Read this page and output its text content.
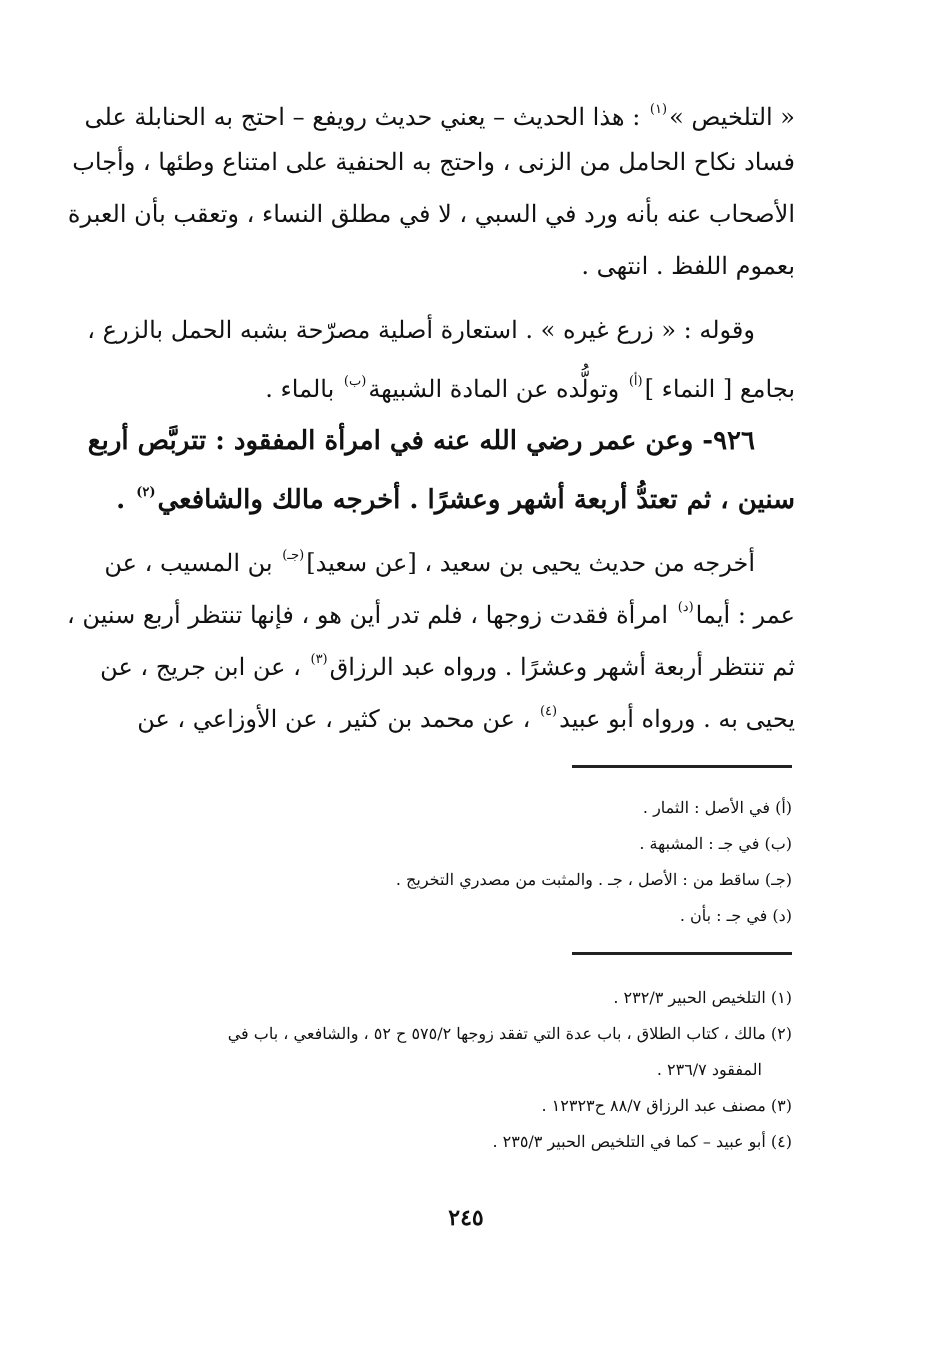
« التلخيص »$^{(١)}$ : هذا الحديث – يعني حديث رويفع – احتج به الحنابلة على
فساد نكاح الحامل من الزنى ، واحتج به الحنفية على امتناع وطئها ، وأجاب
الأصحاب عنه بأنه ورد في السبي ، لا في مطلق النساء ، وتعقب بأن العبرة
بعموم اللفظ . انتهى .
وقوله : « زرع غيره » . استعارة أصلية مصرّحة بشبه الحمل بالزرع ،
بجامع [ النماء ]$^{(أ)}$ وتولُّده عن المادة الشبيهة$^{(ب)}$ بالماء .
٩٢٦- وعن عمر رضي الله عنه في امرأة المفقود : تتربَّص أربع
سنين ، ثم تعتدُّ أربعة أشهر وعشرًا . أخرجه مالك والشافعي$^{(٢)}$ .
أخرجه من حديث يحيى بن سعيد ، [عن سعيد]$^{(جـ)}$ بن المسيب ، عن
عمر : أيما$^{(د)}$ امرأة فقدت زوجها ، فلم تدر أين هو ، فإنها تنتظر أربع سنين ،
ثم تنتظر أربعة أشهر وعشرًا . ورواه عبد الرزاق$^{(٣)}$ ، عن ابن جريج ، عن
يحيى به . ورواه أبو عبيد$^{(٤)}$ ، عن محمد بن كثير ، عن الأوزاعي ، عن
(أ) في الأصل : الثمار .
(ب) في جـ : المشبهة .
(جـ) ساقط من : الأصل ، جـ . والمثبت من مصدري التخريج .
(د) في جـ : بأن .
(١) التلخيص الحبير ٢٣٢/٣ .
(٢) مالك ، كتاب الطلاق ، باب عدة التي تفقد زوجها ٥٧٥/٢ ح ٥٢ ، والشافعي ، باب في
المفقود ٢٣٦/٧ .
(٣) مصنف عبد الرزاق ٨٨/٧ ح١٢٣٢٣ .
(٤) أبو عبيد – كما في التلخيص الحبير ٢٣٥/٣ .
٢٤٥
